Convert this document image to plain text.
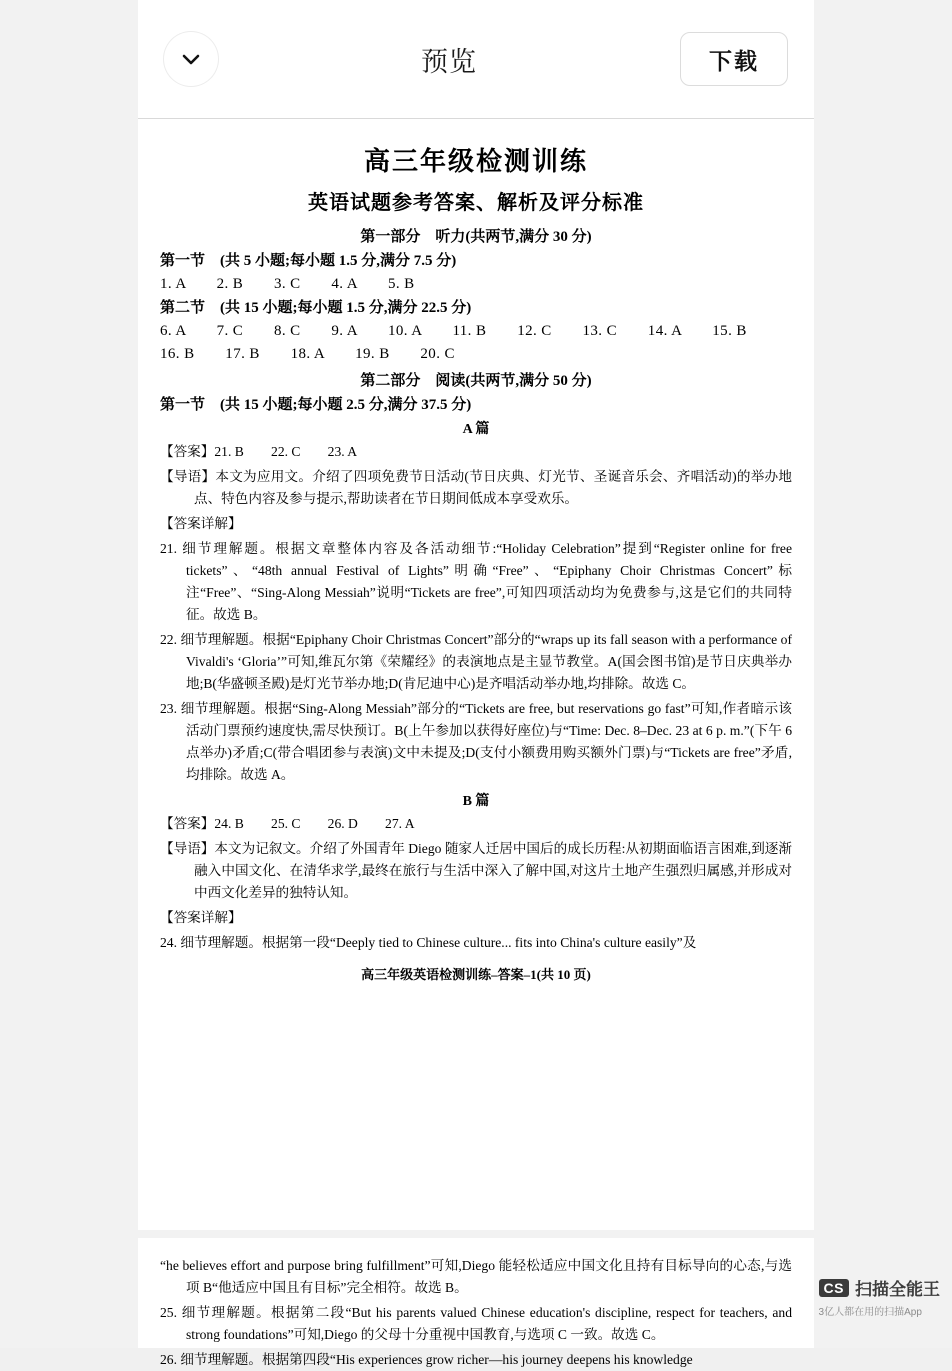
预览	下载
高三年级检测训练
英语试题参考答案、解析及评分标准
第一部分　听力(共两节,满分 30 分)
第一节　(共 5 小题;每小题 1.5 分,满分 7.5 分)
1. A　　2. B　　3. C　　4. A　　5. B
第二节　(共 15 小题;每小题 1.5 分,满分 22.5 分)
6. A　　7. C　　8. C　　9. A　　10. A　　11. B　　12. C　　13. C　　14. A　　15. B
16. B　　17. B　　18. A　　19. B　　20. C
第二部分　阅读(共两节,满分 50 分)
第一节　(共 15 小题;每小题 2.5 分,满分 37.5 分)
A 篇
【答案】21. B　　22. C　　23. A
【导语】本文为应用文。介绍了四项免费节日活动(节日庆典、灯光节、圣诞音乐会、齐唱活动)的举办地点、特色内容及参与提示,帮助读者在节日期间低成本享受欢乐。
【答案详解】
21. 细节理解题。根据文章整体内容及各活动细节:“Holiday Celebration”提到“Register online for free tickets”、“48th annual Festival of Lights”明确“Free”、“Epiphany Choir Christmas Concert”标注“Free”、“Sing-Along Messiah”说明“Tickets are free”,可知四项活动均为免费参与,这是它们的共同特征。故选 B。
22. 细节理解题。根据“Epiphany Choir Christmas Concert”部分的“wraps up its fall season with a performance of Vivaldi's ‘Gloria’”可知,维瓦尔第《荣耀经》的表演地点是主显节教堂。A(国会图书馆)是节日庆典举办地;B(华盛顿圣殿)是灯光节举办地;D(肯尼迪中心)是齐唱活动举办地,均排除。故选 C。
23. 细节理解题。根据“Sing-Along Messiah”部分的“Tickets are free, but reservations go fast”可知,作者暗示该活动门票预约速度快,需尽快预订。B(上午参加以获得好座位)与“Time: Dec. 8–Dec. 23 at 6 p. m.”(下午 6 点举办)矛盾;C(带合唱团参与表演)文中未提及;D(支付小额费用购买额外门票)与“Tickets are free”矛盾,均排除。故选 A。
B 篇
【答案】24. B　　25. C　　26. D　　27. A
【导语】本文为记叙文。介绍了外国青年 Diego 随家人迁居中国后的成长历程:从初期面临语言困难,到逐渐融入中国文化、在清华求学,最终在旅行与生活中深入了解中国,对这片土地产生强烈归属感,并形成对中西文化差异的独特认知。
【答案详解】
24. 细节理解题。根据第一段“Deeply tied to Chinese culture... fits into China's culture easily”及
高三年级英语检测训练–答案–1(共 10 页)
“he believes effort and purpose bring fulfillment”可知,Diego 能轻松适应中国文化且持有目标导向的心态,与选项 B“他适应中国且有目标”完全相符。故选 B。
25. 细节理解题。根据第二段“But his parents valued Chinese education's discipline, respect for teachers, and strong foundations”可知,Diego 的父母十分重视中国教育,与选项 C 一致。故选 C。
26. 细节理解题。根据第四段“His experiences grow richer—his journey deepens his knowledge
CS 扫描全能王
3亿人都在用的扫描App
